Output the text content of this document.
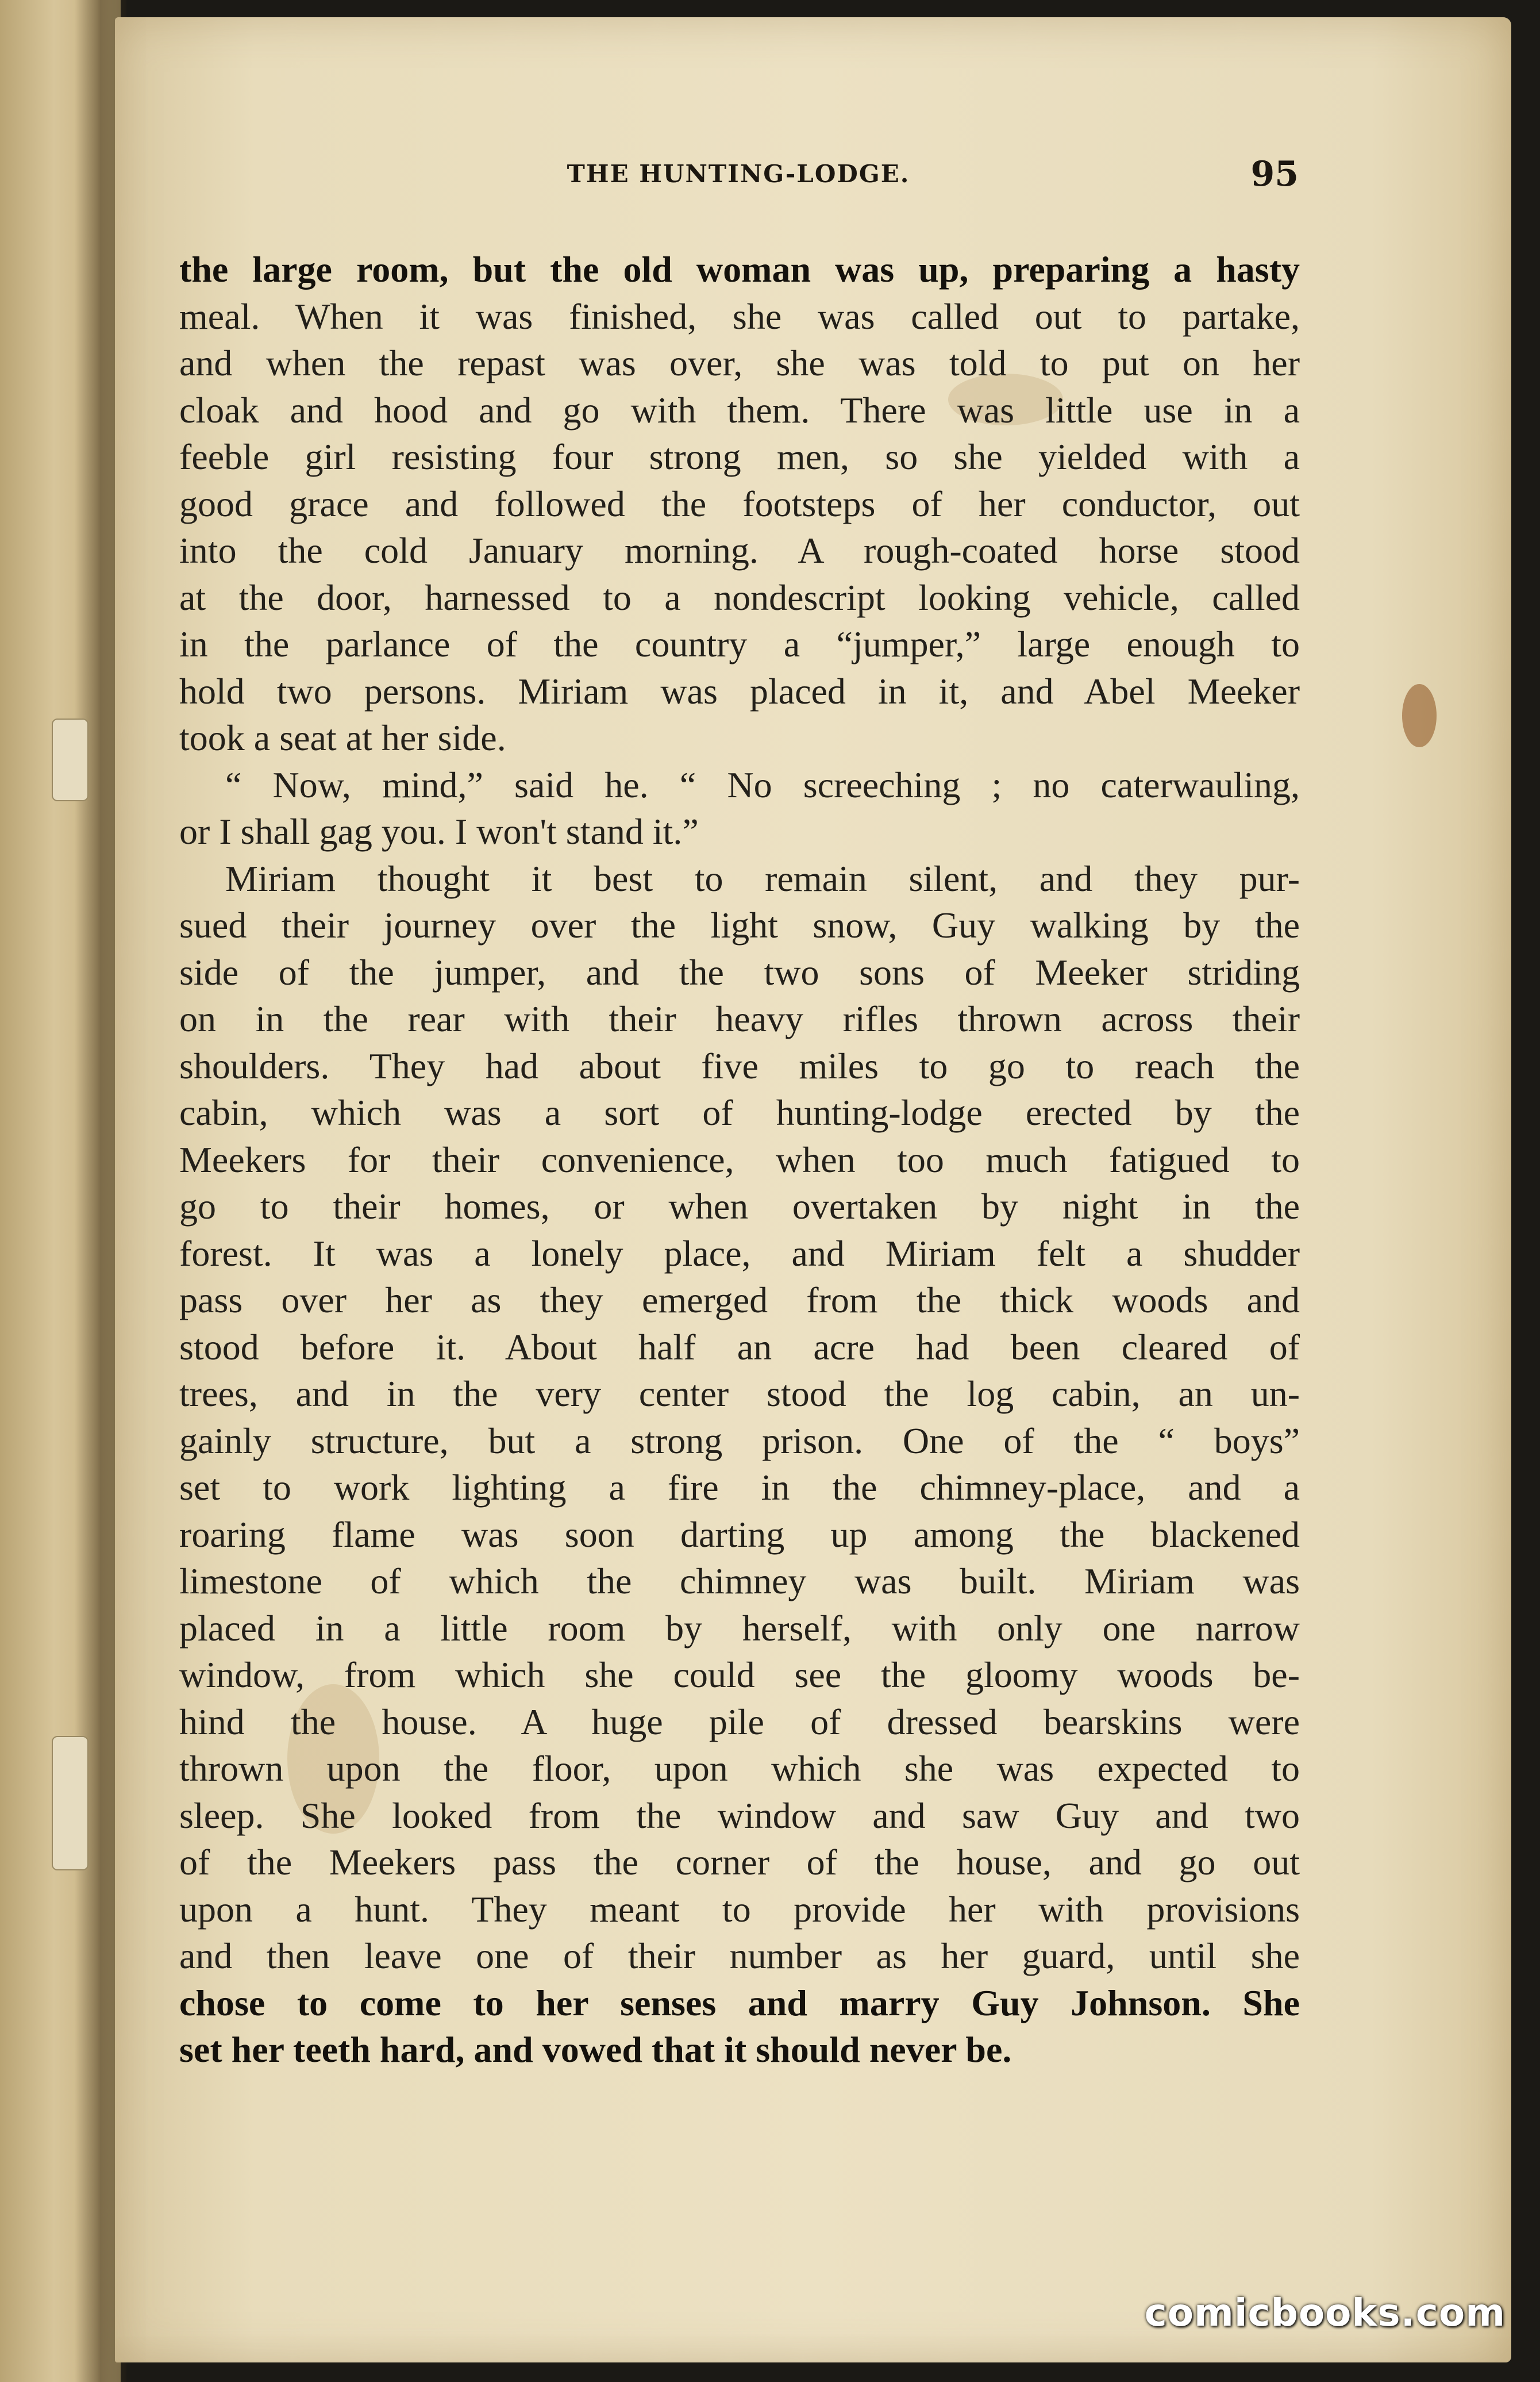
THE HUNTING-LODGE.	95
the large room, but the old woman was up, preparing a hasty
meal. When it was finished, she was called out to partake,
and when the repast was over, she was told to put on her
cloak and hood and go with them. There was little use in a
feeble girl resisting four strong men, so she yielded with a
good grace and followed the footsteps of her conductor, out
into the cold January morning. A rough-coated horse stood
at the door, harnessed to a nondescript looking vehicle, called
in the parlance of the country a “jumper,” large enough to
hold two persons. Miriam was placed in it, and Abel Meeker
took a seat at her side.
“ Now, mind,” said he. “ No screeching ; no caterwauling,
or I shall gag you. I won't stand it.”
Miriam thought it best to remain silent, and they pur-
sued their journey over the light snow, Guy walking by the
side of the jumper, and the two sons of Meeker striding
on in the rear with their heavy rifles thrown across their
shoulders. They had about five miles to go to reach the
cabin, which was a sort of hunting-lodge erected by the
Meekers for their convenience, when too much fatigued to
go to their homes, or when overtaken by night in the
forest. It was a lonely place, and Miriam felt a shudder
pass over her as they emerged from the thick woods and
stood before it. About half an acre had been cleared of
trees, and in the very center stood the log cabin, an un-
gainly structure, but a strong prison. One of the “ boys”
set to work lighting a fire in the chimney-place, and a
roaring flame was soon darting up among the blackened
limestone of which the chimney was built. Miriam was
placed in a little room by herself, with only one narrow
window, from which she could see the gloomy woods be-
hind the house. A huge pile of dressed bearskins were
thrown upon the floor, upon which she was expected to
sleep. She looked from the window and saw Guy and two
of the Meekers pass the corner of the house, and go out
upon a hunt. They meant to provide her with provisions
and then leave one of their number as her guard, until she
chose to come to her senses and marry Guy Johnson. She
set her teeth hard, and vowed that it should never be.
comicbooks.com
